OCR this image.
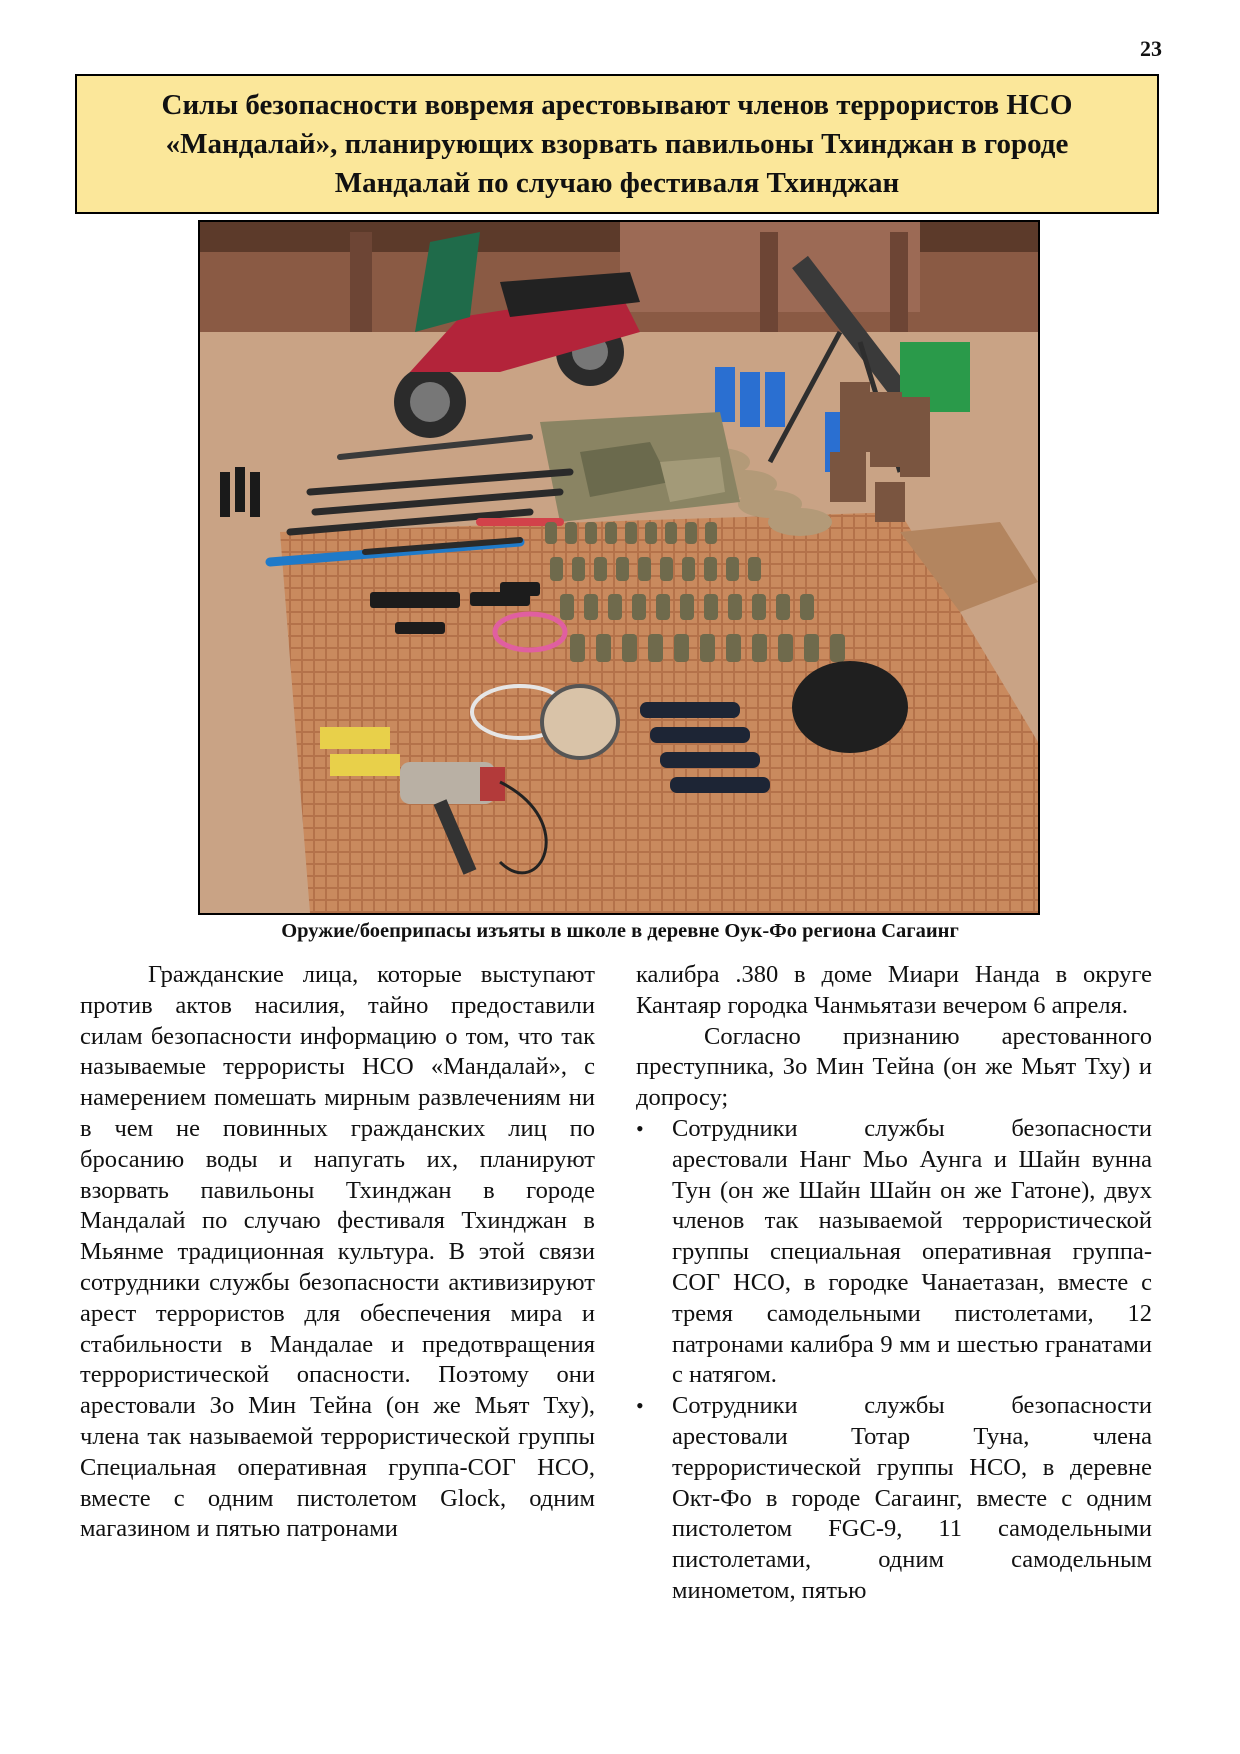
23
Силы безопасности вовремя арестовывают членов террористов НСО
«Мандалай», планирующих взорвать павильоны Тхинджан в городе
Мандалай по случаю фестиваля Тхинджан
Оружие/боеприпасы изъяты в школе в деревне Оук-Фо региона Сагаинг

Гражданские лица, которые выступают против актов насилия, тайно предоставили силам безопасности информацию о том, что так называемые террористы НСО «Мандалай», с намерением помешать мирным развлечениям ни в чем не повинных гражданских лиц по бросанию воды и напугать их, планируют взорвать павильоны Тхинджан в городе Мандалай по случаю фестиваля Тхинджан в Мьянме традиционная культура. В этой связи сотрудники службы безопасности активизируют арест террористов для обеспечения мира и стабильности в Мандалае и предотвращения террористической опасности. Поэтому они арестовали Зо Мин Тейна (он же Мьят Тху), члена так называемой террористической группы Специальная оперативная группа-СОГ НСО, вместе с одним пистолетом Glock, одним магазином и пятью патронами

калибра .380 в доме Миари Нанда в округе Кантаяр городка Чанмьятази вечером 6 апреля.

Согласно признанию арестованного преступника, Зо Мин Тейна (он же Мьят Тху) и допросу;

• Сотрудники службы безопасности арестовали Нанг Мьо Аунга и Шайн вунна Тун (он же Шайн Шайн он же Гатоне), двух членов так называемой террористической группы специальная оперативная группа-СОГ НСО, в городке Чанаетазан, вместе с тремя самодельными пистолетами, 12 патронами калибра 9 мм и шестью гранатами с натягом.
• Сотрудники службы безопасности арестовали Тотар Туна, члена террористической группы НСО, в деревне Окт-Фо в городе Сагаинг, вместе с одним пистолетом FGC-9, 11 самодельными пистолетами, одним самодельным минометом, пятью
